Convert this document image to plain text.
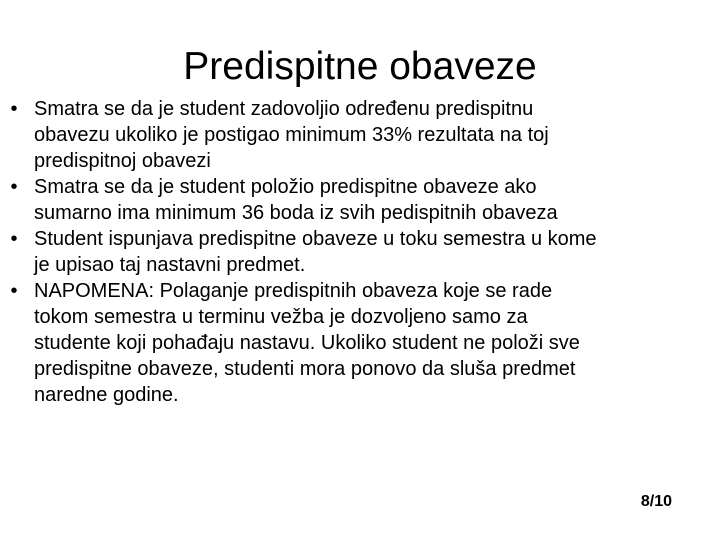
Predispitne obaveze
• Smatra se da je student zadovoljio određenu predispitnu
obavezu ukoliko je postigao minimum 33% rezultata na toj
predispitnoj obavezi
• Smatra se da je student položio predispitne obaveze ako
sumarno ima minimum 36 boda iz svih pedispitnih obaveza
• Student ispunjava predispitne obaveze u toku semestra u kome
je upisao taj nastavni predmet.
• NAPOMENA: Polaganje predispitnih obaveza koje se rade
tokom semestra u terminu vežba je dozvoljeno samo za
studente koji pohađaju nastavu. Ukoliko student ne položi sve
predispitne obaveze, studenti mora ponovo da sluša predmet
naredne godine.
8/10
